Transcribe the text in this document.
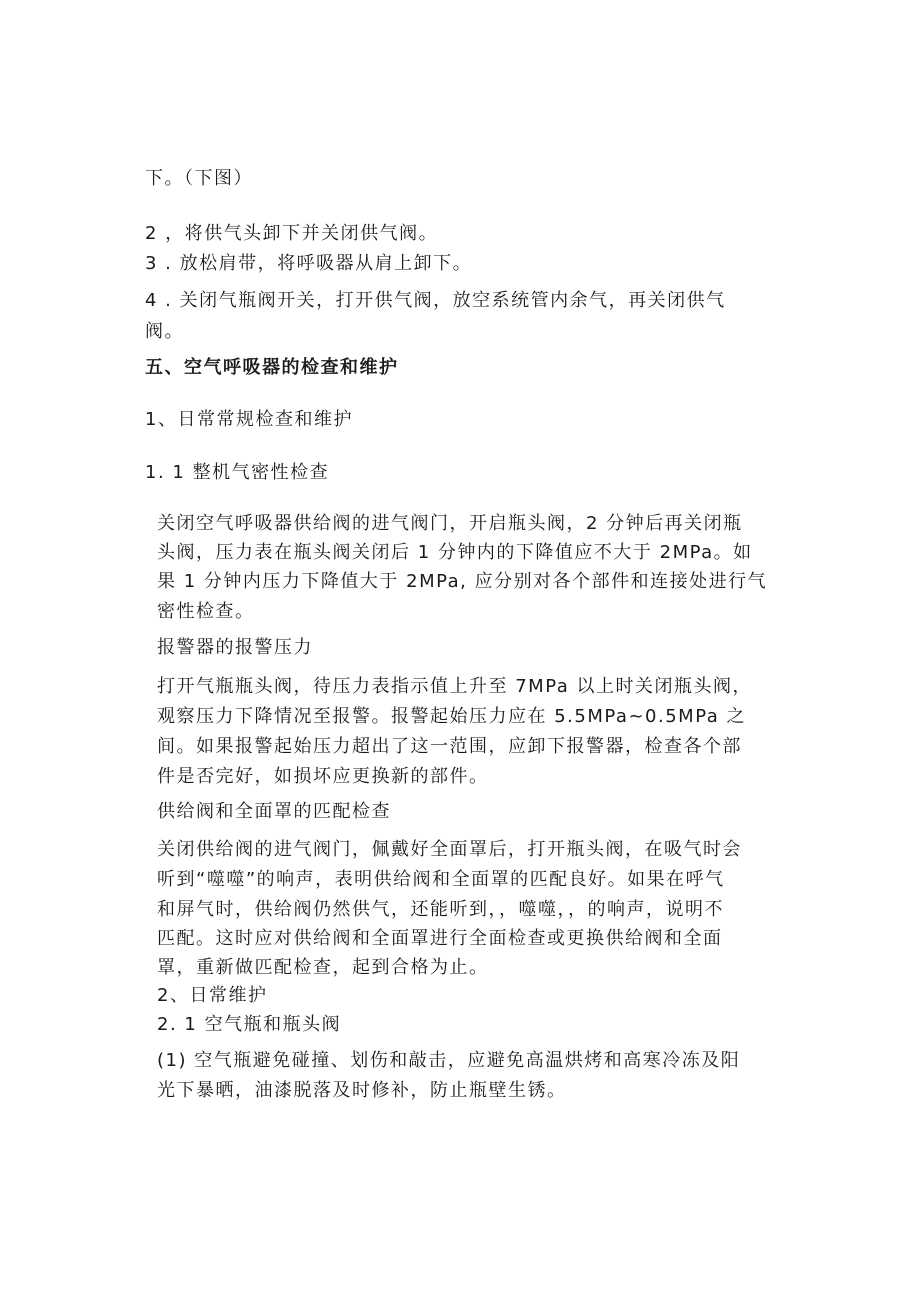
下。（下图）
2 ，将供气头卸下并关闭供气阀。
3 . 放松肩带，将呼吸器从肩上卸下。
4 . 关闭气瓶阀开关，打开供气阀，放空系统管内余气，再关闭供气
阀。
五、空气呼吸器的检查和维护
1、日常常规检查和维护
1. 1 整机气密性检查
关闭空气呼吸器供给阀的进气阀门，开启瓶头阀，2 分钟后再关闭瓶
头阀，压力表在瓶头阀关闭后 1 分钟内的下降值应不大于 2MPa。如
果 1 分钟内压力下降值大于 2MPa, 应分别对各个部件和连接处进行气
密性检查。
报警器的报警压力
打开气瓶瓶头阀，待压力表指示值上升至 7MPa 以上时关闭瓶头阀，
观察压力下降情况至报警。报警起始压力应在 5.5MPa~0.5MPa 之
间。如果报警起始压力超出了这一范围，应卸下报警器，检查各个部
件是否完好，如损坏应更换新的部件。
供给阀和全面罩的匹配检查
关闭供给阀的进气阀门，佩戴好全面罩后，打开瓶头阀，在吸气时会
听到“噬噬”的响声，表明供给阀和全面罩的匹配良好。如果在呼气
和屏气时，供给阀仍然供气，还能听到，，噬噬，，的响声，说明不
匹配。这时应对供给阀和全面罩进行全面检查或更换供给阀和全面
罩，重新做匹配检查，起到合格为止。
2、日常维护
2. 1 空气瓶和瓶头阀
(1) 空气瓶避免碰撞、划伤和敲击，应避免高温烘烤和高寒冷冻及阳
光下暴晒，油漆脱落及时修补，防止瓶壁生锈。
